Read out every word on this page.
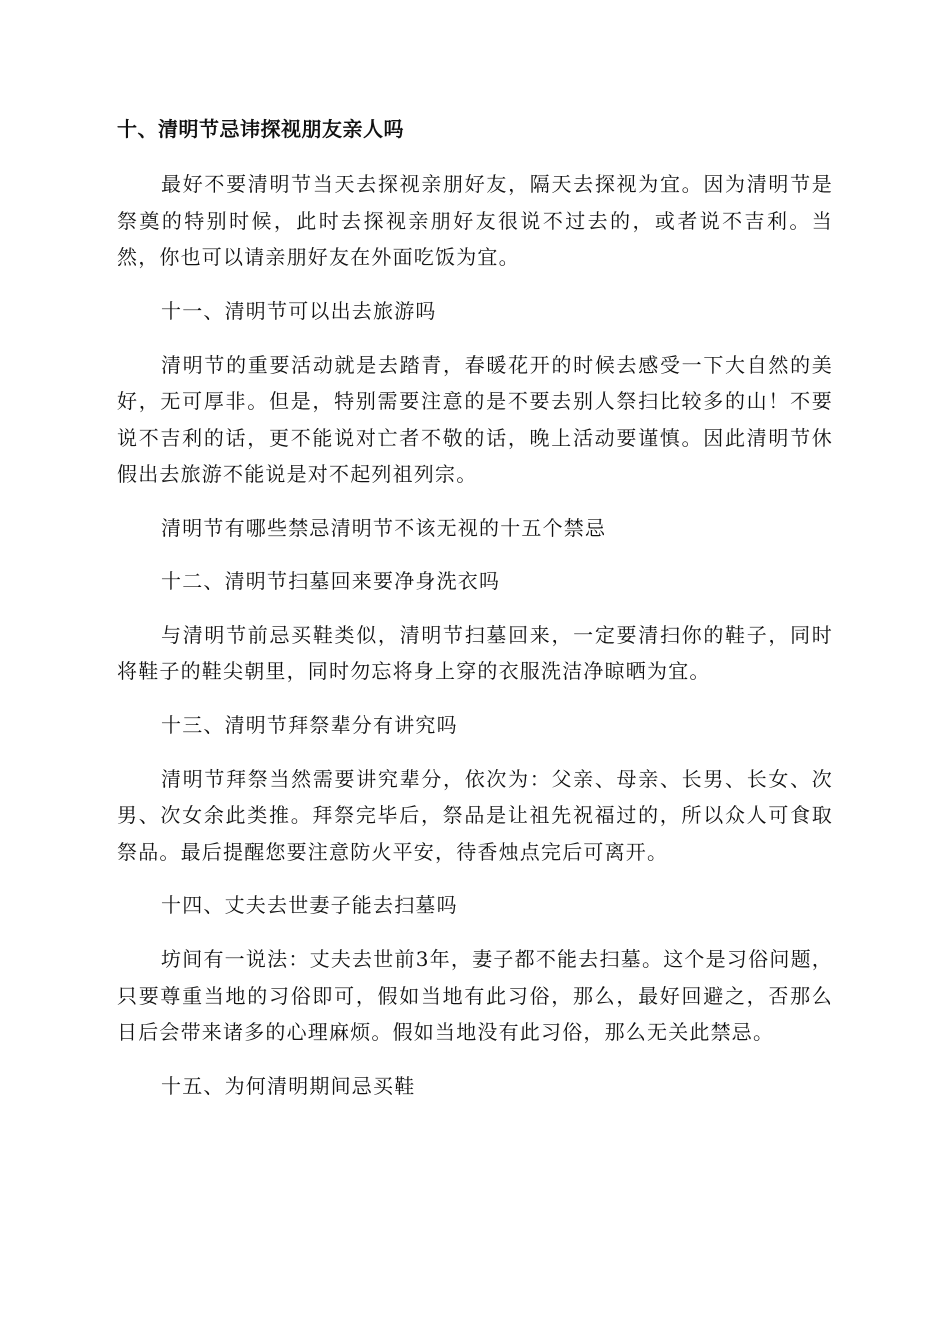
十、清明节忌讳探视朋友亲人吗

最好不要清明节当天去探视亲朋好友，隔天去探视为宜。因为清明节是祭奠的特别时候，此时去探视亲朋好友很说不过去的，或者说不吉利。当然，你也可以请亲朋好友在外面吃饭为宜。

十一、清明节可以出去旅游吗

清明节的重要活动就是去踏青，春暖花开的时候去感受一下大自然的美好，无可厚非。但是，特别需要注意的是不要去别人祭扫比较多的山！不要说不吉利的话，更不能说对亡者不敬的话，晚上活动要谨慎。因此清明节休假出去旅游不能说是对不起列祖列宗。

清明节有哪些禁忌清明节不该无视的十五个禁忌

十二、清明节扫墓回来要净身洗衣吗

与清明节前忌买鞋类似，清明节扫墓回来，一定要清扫你的鞋子，同时将鞋子的鞋尖朝里，同时勿忘将身上穿的衣服洗洁净晾晒为宜。

十三、清明节拜祭辈分有讲究吗

清明节拜祭当然需要讲究辈分，依次为：父亲、母亲、长男、长女、次男、次女余此类推。拜祭完毕后，祭品是让祖先祝福过的，所以众人可食取祭品。最后提醒您要注意防火平安，待香烛点完后可离开。

十四、丈夫去世妻子能去扫墓吗

坊间有一说法：丈夫去世前3年，妻子都不能去扫墓。这个是习俗问题，只要尊重当地的习俗即可，假如当地有此习俗，那么，最好回避之，否那么日后会带来诸多的心理麻烦。假如当地没有此习俗，那么无关此禁忌。

十五、为何清明期间忌买鞋
